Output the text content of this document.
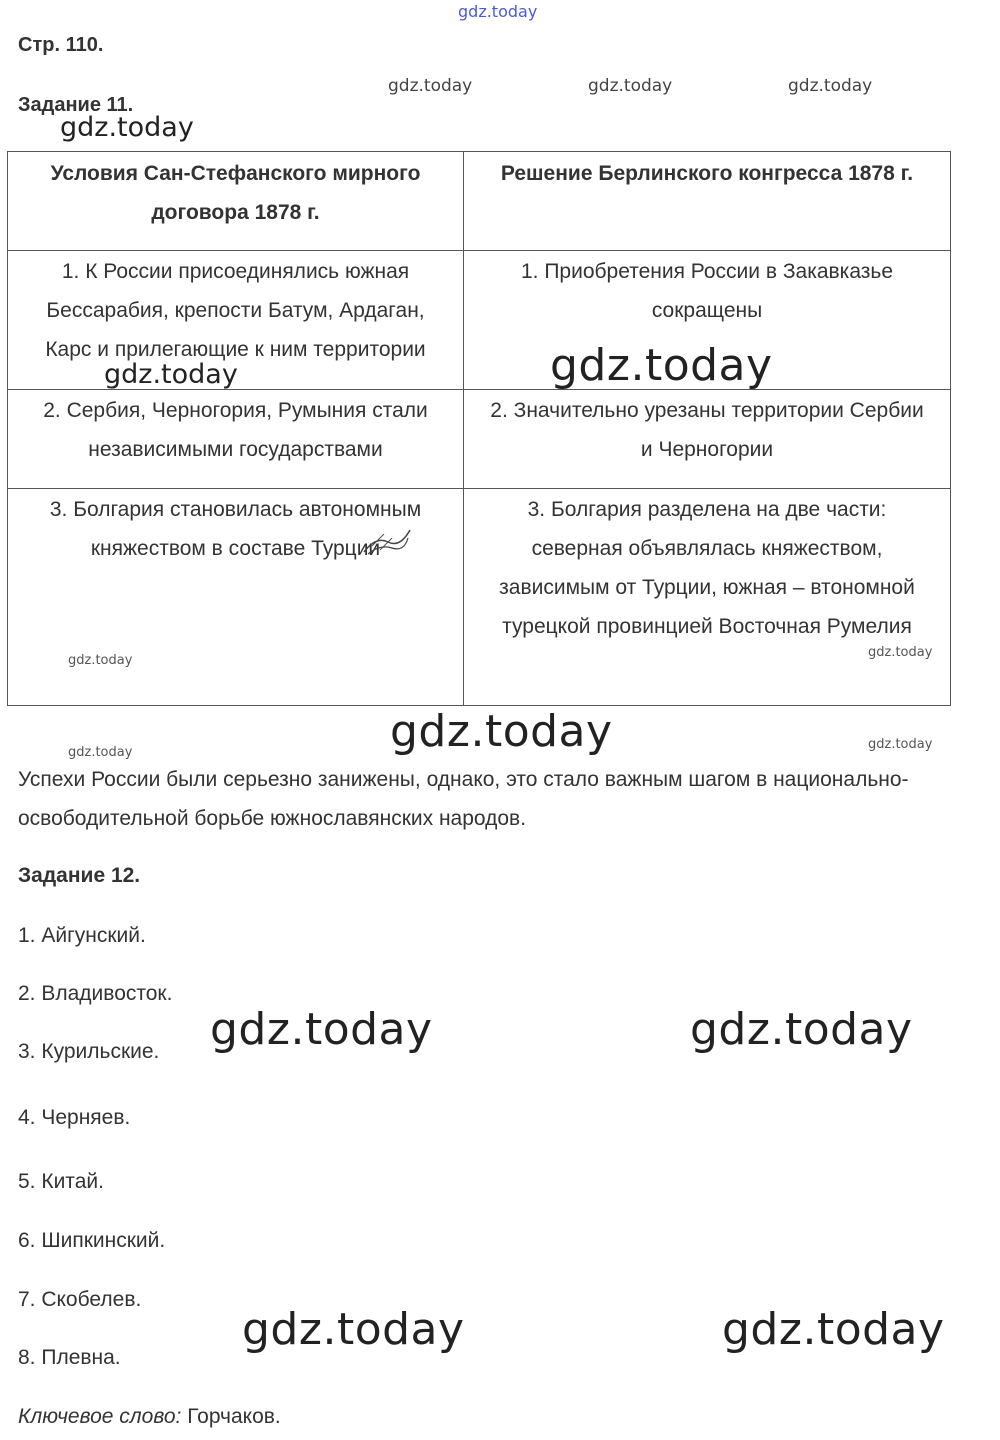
gdz.today
gdz.today	gdz.today	gdz.today
gdz.today
Стр. 110.
Задание 11.
Условия Сан-Стефанского мирного договора 1878 г.	Решение Берлинского конгресса 1878 г.
1. К России присоединялись южная Бессарабия, крепости Батум, Ардаган, Карс и прилегающие к ним территории	1. Приобретения России в Закавказье сокращены
2. Сербия, Черногория, Румыния стали независимыми государствами	2. Значительно урезаны территории Сербии и Черногории
3. Болгария становилась автономным княжеством в составе Турции	3. Болгария разделена на две части: северная объявлялась княжеством, зависимым от Турции, южная – втономной турецкой провинцией Восточная Румелия
gdz.today
gdz.today
gdz.today
gdz.today
gdz.today
gdz.today
gdz.today
Успехи России были серьезно занижены, однако, это стало важным шагом в национально-освободительной борьбе южнославянских народов.
Задание 12.
1. Айгунский.
2. Владивосток.
3. Курильские.
4. Черняев.
5. Китай.
6. Шипкинский.
7. Скобелев.
8. Плевна.
Ключевое слово: Горчаков.
gdz.today	gdz.today
gdz.today	gdz.today
